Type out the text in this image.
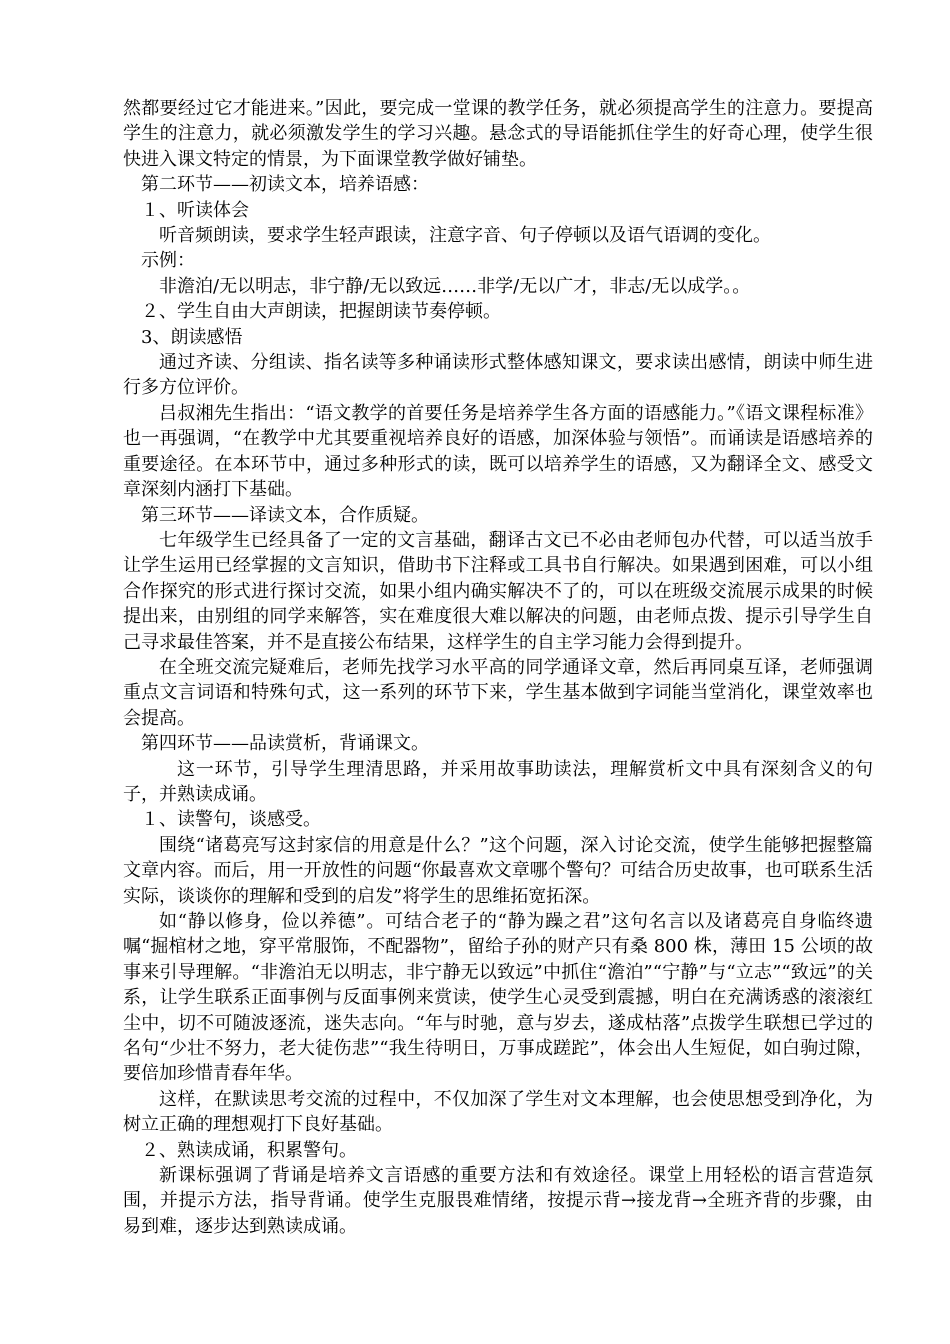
然都要经过它才能进来。”因此，要完成一堂课的教学任务，就必须提高学生的注意力。要提高学生的注意力，就必须激发学生的学习兴趣。悬念式的导语能抓住学生的好奇心理，使学生很快进入课文特定的情景，为下面课堂教学做好铺垫。

第二环节——初读文本，培养语感：

１、听读体会

听音频朗读，要求学生轻声跟读，注意字音、句子停顿以及语气语调的变化。

示例：

非澹泊/无以明志，非宁静/无以致远……非学/无以广才，非志/无以成学。。

２、学生自由大声朗读，把握朗读节奏停顿。

3、朗读感悟

通过齐读、分组读、指名读等多种诵读形式整体感知课文，要求读出感情，朗读中师生进行多方位评价。

吕叔湘先生指出：“语文教学的首要任务是培养学生各方面的语感能力。”《语文课程标准》也一再强调，“在教学中尤其要重视培养良好的语感，加深体验与领悟”。而诵读是语感培养的重要途径。在本环节中，通过多种形式的读，既可以培养学生的语感，又为翻译全文、感受文章深刻内涵打下基础。

第三环节——译读文本，合作质疑。

七年级学生已经具备了一定的文言基础，翻译古文已不必由老师包办代替，可以适当放手让学生运用已经掌握的文言知识，借助书下注释或工具书自行解决。如果遇到困难，可以小组合作探究的形式进行探讨交流，如果小组内确实解决不了的，可以在班级交流展示成果的时候提出来，由别组的同学来解答，实在难度很大难以解决的问题，由老师点拨、提示引导学生自己寻求最佳答案，并不是直接公布结果，这样学生的自主学习能力会得到提升。

在全班交流完疑难后，老师先找学习水平高的同学通译文章，然后再同桌互译，老师强调重点文言词语和特殊句式，这一系列的环节下来，学生基本做到字词能当堂消化，课堂效率也会提高。

第四环节——品读赏析，背诵课文。

这一环节，引导学生理清思路，并采用故事助读法，理解赏析文中具有深刻含义的句子，并熟读成诵。

１、读警句，谈感受。

围绕“诸葛亮写这封家信的用意是什么？”这个问题，深入讨论交流，使学生能够把握整篇文章内容。而后，用一开放性的问题“你最喜欢文章哪个警句？可结合历史故事，也可联系生活实际，谈谈你的理解和受到的启发”将学生的思维拓宽拓深。

如“静以修身，俭以养德”。可结合老子的“静为躁之君”这句名言以及诸葛亮自身临终遗嘱“掘棺材之地，穿平常服饰，不配器物”，留给子孙的财产只有桑 800 株，薄田 15 公顷的故事来引导理解。“非澹泊无以明志，非宁静无以致远”中抓住“澹泊”“宁静”与“立志”“致远”的关系，让学生联系正面事例与反面事例来赏读，使学生心灵受到震撼，明白在充满诱惑的滚滚红尘中，切不可随波逐流，迷失志向。“年与时驰，意与岁去，遂成枯落”点拨学生联想已学过的名句“少壮不努力，老大徒伤悲”“我生待明日，万事成蹉跎”，体会出人生短促，如白驹过隙，要倍加珍惜青春年华。

这样，在默读思考交流的过程中，不仅加深了学生对文本理解，也会使思想受到净化，为树立正确的理想观打下良好基础。

２、熟读成诵，积累警句。

新课标强调了背诵是培养文言语感的重要方法和有效途径。课堂上用轻松的语言营造氛围，并提示方法，指导背诵。使学生克服畏难情绪，按提示背→接龙背→全班齐背的步骤，由易到难，逐步达到熟读成诵。
